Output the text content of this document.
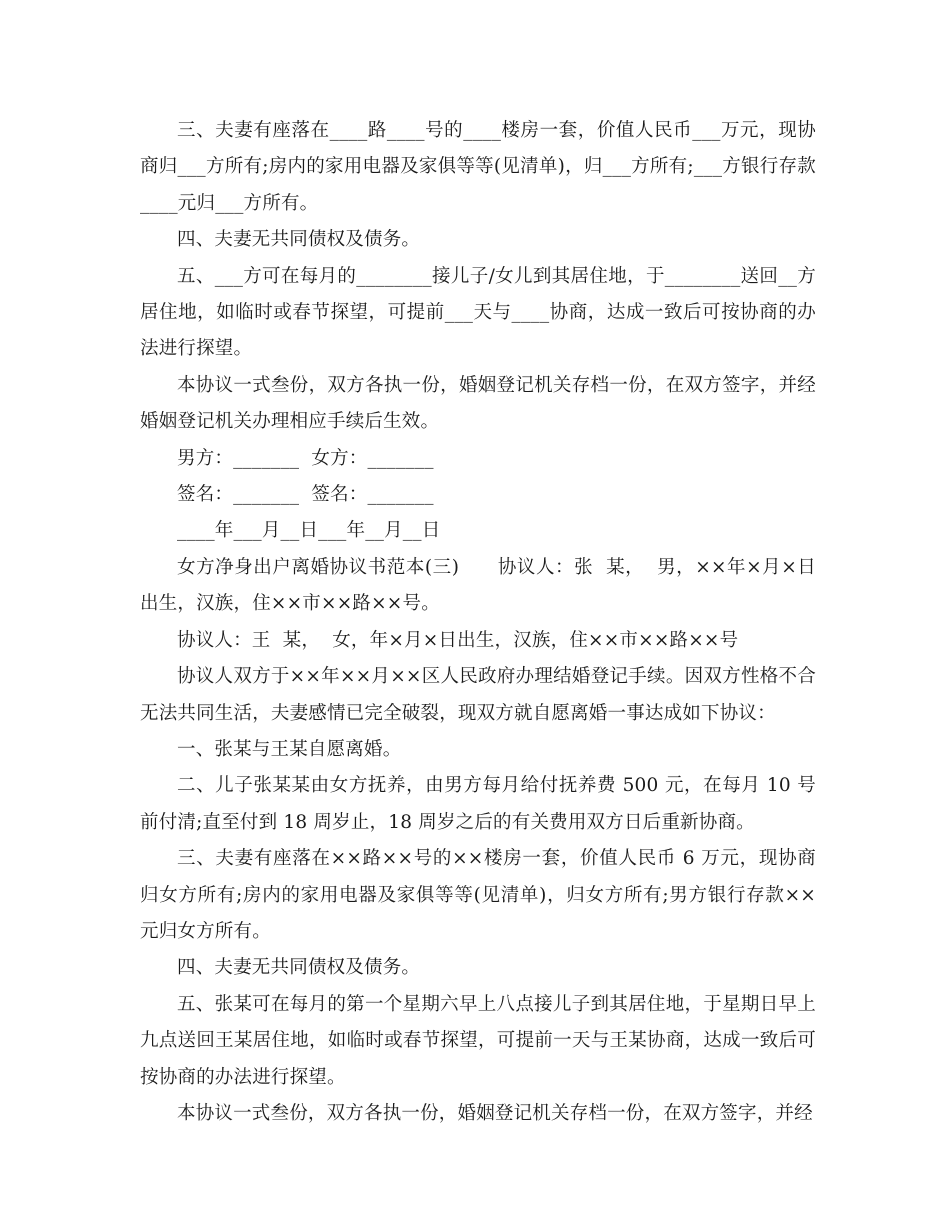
三、夫妻有座落在____路____号的____楼房一套，价值人民币___万元，现协商归___方所有;房内的家用电器及家俱等等(见清单)，归___方所有;___方银行存款____元归___方所有。

四、夫妻无共同债权及债务。

五、___方可在每月的________接儿子/女儿到其居住地，于________送回__方居住地，如临时或春节探望，可提前___天与____协商，达成一致后可按协商的办法进行探望。

本协议一式叁份，双方各执一份，婚姻登记机关存档一份，在双方签字，并经婚姻登记机关办理相应手续后生效。

男方：_______  女方：_______

签名：_______  签名：_______

____年___月__日___年__月__日

女方净身出户离婚协议书范本(三)      协议人：张  某，  男，××年×月×日出生，汉族，住××市××路××号。

协议人：王  某，  女，年×月×日出生，汉族，住××市××路××号

协议人双方于××年××月××区人民政府办理结婚登记手续。因双方性格不合无法共同生活，夫妻感情已完全破裂，现双方就自愿离婚一事达成如下协议：

一、张某与王某自愿离婚。

二、儿子张某某由女方抚养，由男方每月给付抚养费 500 元，在每月 10 号前付清;直至付到 18 周岁止，18 周岁之后的有关费用双方日后重新协商。

三、夫妻有座落在××路××号的××楼房一套，价值人民币 6 万元，现协商归女方所有;房内的家用电器及家俱等等(见清单)，归女方所有;男方银行存款××元归女方所有。

四、夫妻无共同债权及债务。

五、张某可在每月的第一个星期六早上八点接儿子到其居住地，于星期日早上九点送回王某居住地，如临时或春节探望，可提前一天与王某协商，达成一致后可按协商的办法进行探望。

本协议一式叁份，双方各执一份，婚姻登记机关存档一份，在双方签字，并经
